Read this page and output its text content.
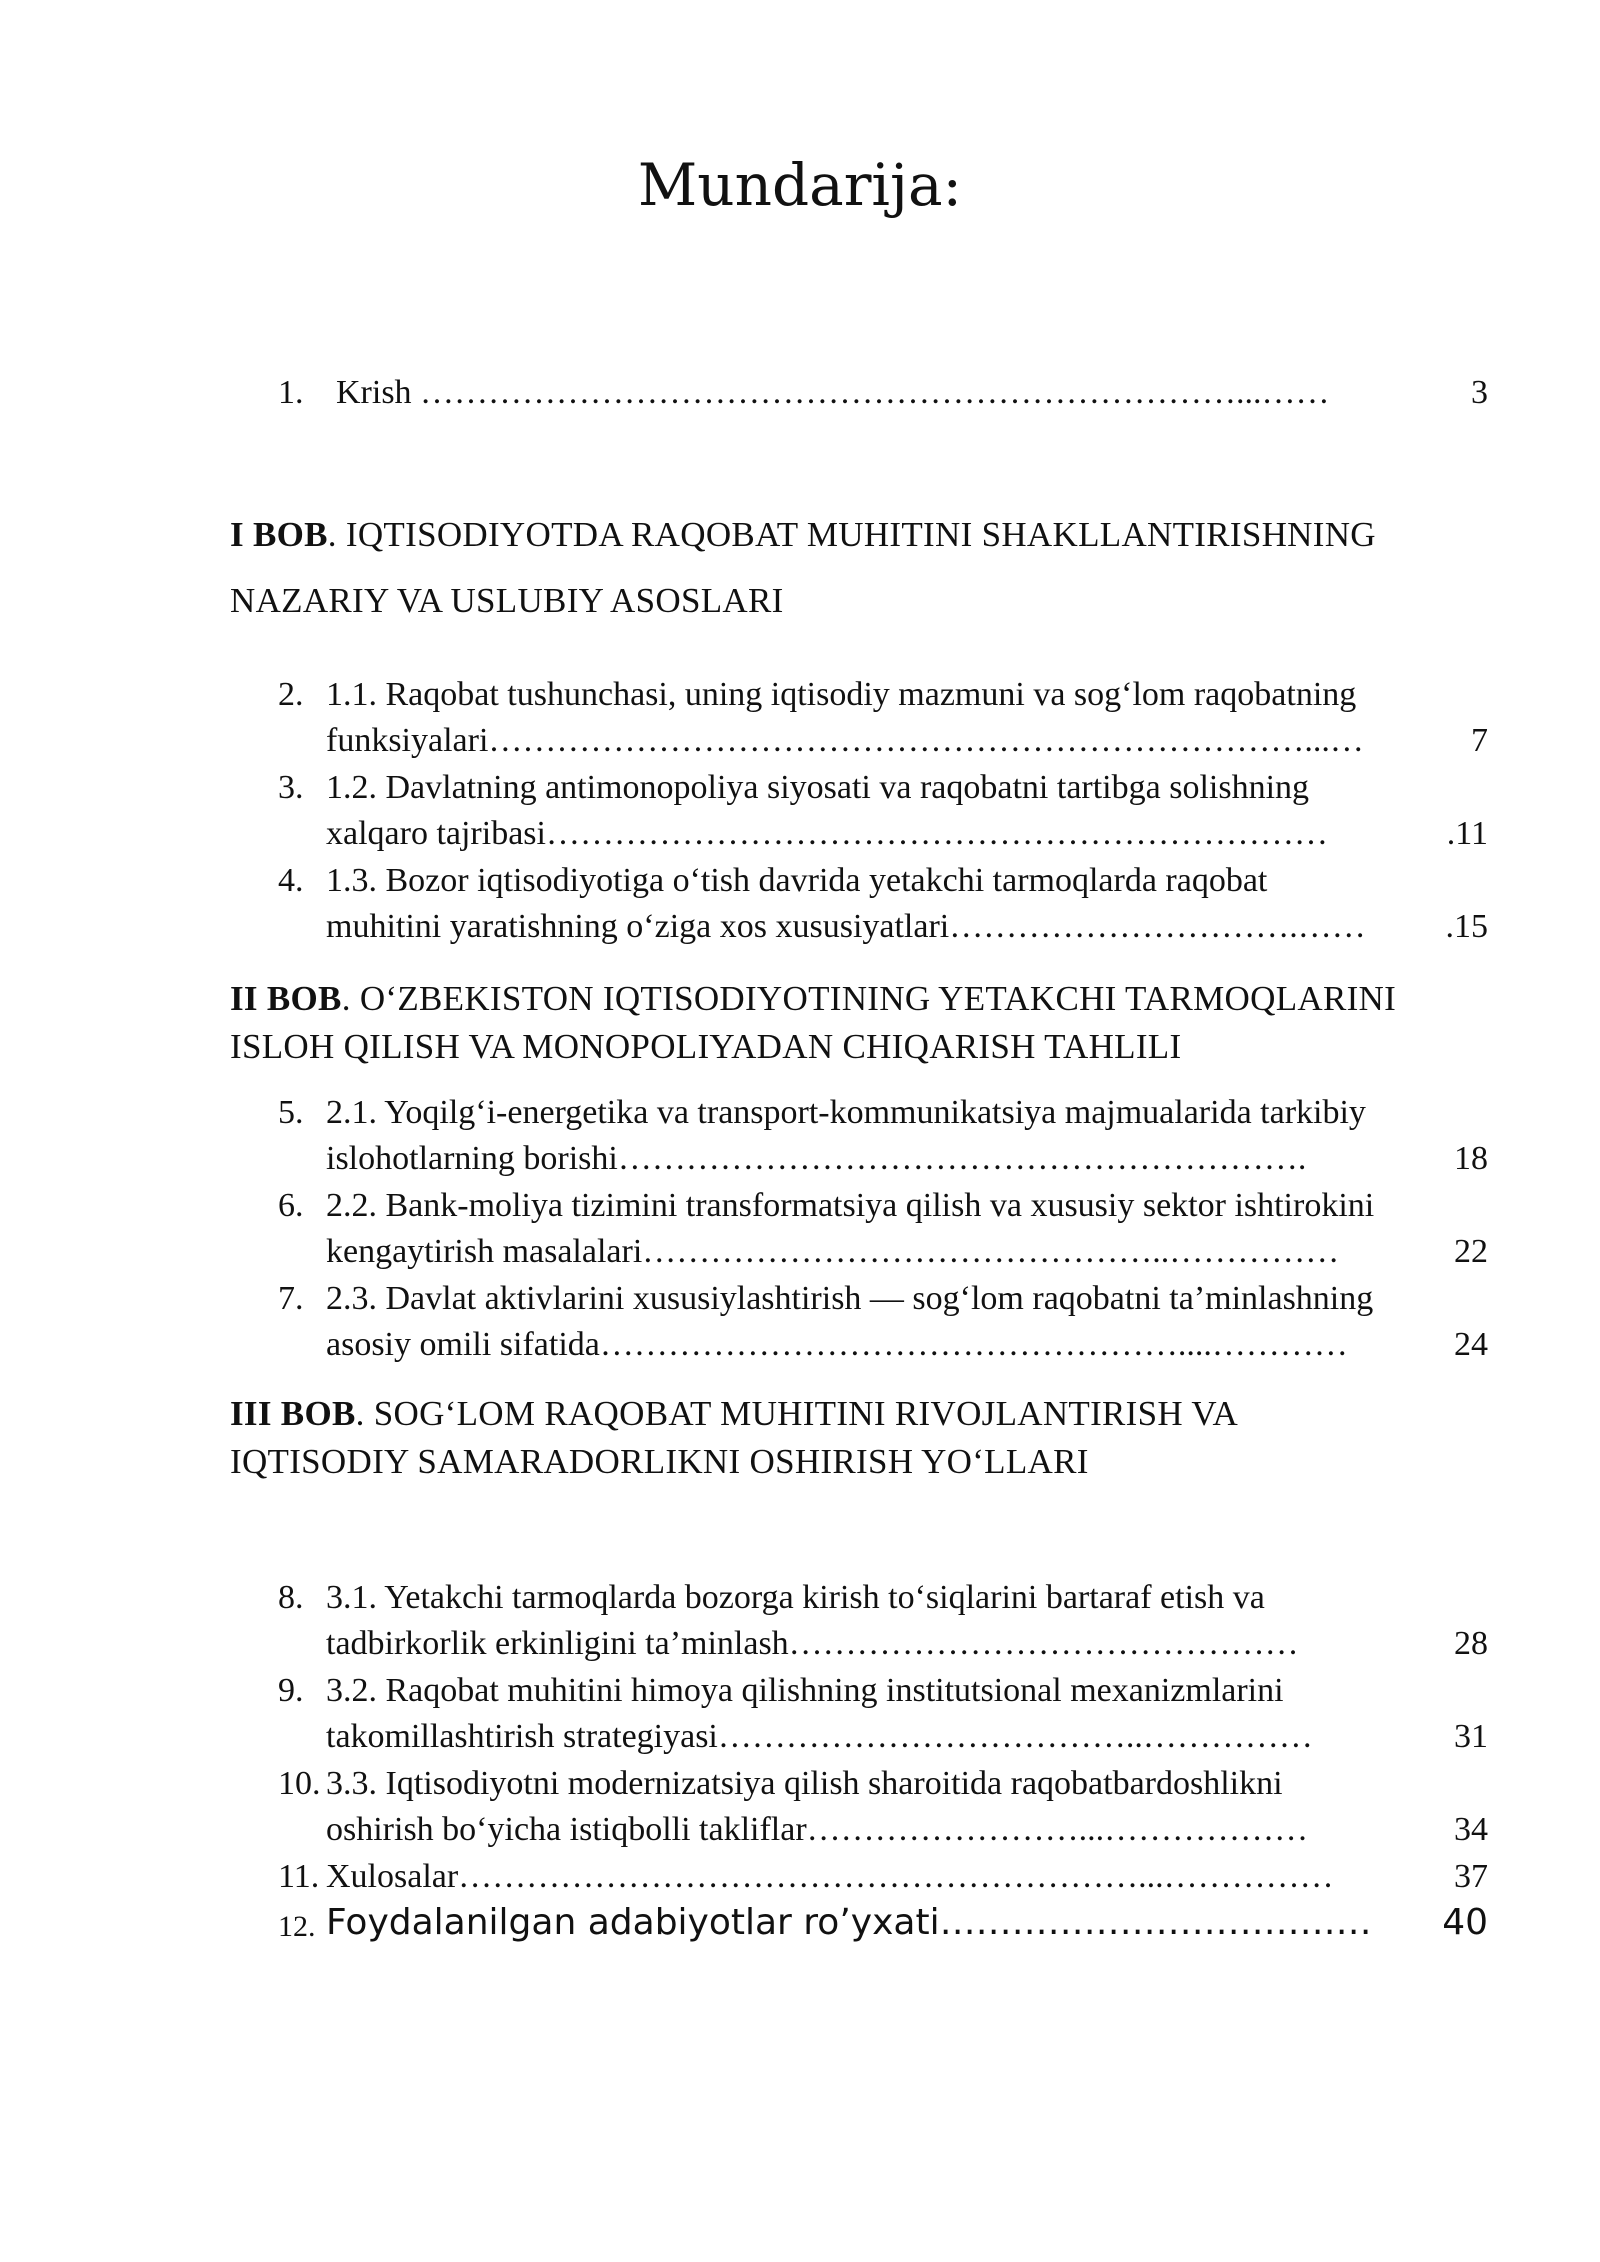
Mundarija:
1. Krish ………………………………………………………………...……	3
I BOB. IQTISODIYOTDA RAQOBAT MUHITINI SHAKLLANTIRISHNING
NAZARIY VA USLUBIY ASOSLARI
2. 1.1. Raqobat tushunchasi, uning iqtisodiy mazmuni va sog‘lom raqobatning
funksiyalari………………………………………………………………...…	7
3. 1.2. Davlatning antimonopoliya siyosati va raqobatni tartibga solishning
xalqaro tajribasi……………………………………………………………	.11
4. 1.3. Bozor iqtisodiyotiga o‘tish davrida yetakchi tarmoqlarda raqobat
muhitini yaratishning o‘ziga xos xususiyatlari………………………….…… .15
II BOB. O‘ZBEKISTON IQTISODIYOTINING YETAKCHI TARMOQLARINI
ISLOH QILISH VA MONOPOLIYADAN CHIQARISH TAHLILI
5. 2.1. Yoqilg‘i-energetika va transport-kommunikatsiya majmualarida tarkibiy
islohotlarning borishi…………………………………………………….	18
6. 2.2. Bank-moliya tizimini transformatsiya qilish va xususiy sektor ishtirokini
kengaytirish masalalari………………………………………..……………	22
7. 2.3. Davlat aktivlarini xususiylashtirish — sog‘lom raqobatni ta’minlashning
asosiy omili sifatida……………………………………………....…………	24
III BOB. SOG‘LOM RAQOBAT MUHITINI RIVOJLANTIRISH VA
IQTISODIY SAMARADORLIKNI OSHIRISH YO‘LLARI
8. 3.1. Yetakchi tarmoqlarda bozorga kirish to‘siqlarini bartaraf etish va
tadbirkorlik erkinligini ta’minlash………………………………………	28
9. 3.2. Raqobat muhitini himoya qilishning institutsional mexanizmlarini
takomillashtirish strategiyasi………………………………..……………	31
10. 3.3. Iqtisodiyotni modernizatsiya qilish sharoitida raqobatbardoshlikni
oshirish bo‘yicha istiqbolli takliflar……………………...………………	34
11. Xulosalar……………………………………………………...……………	37
12. Foydalanilgan adabiyotlar ro’yxati……………………………… 40
